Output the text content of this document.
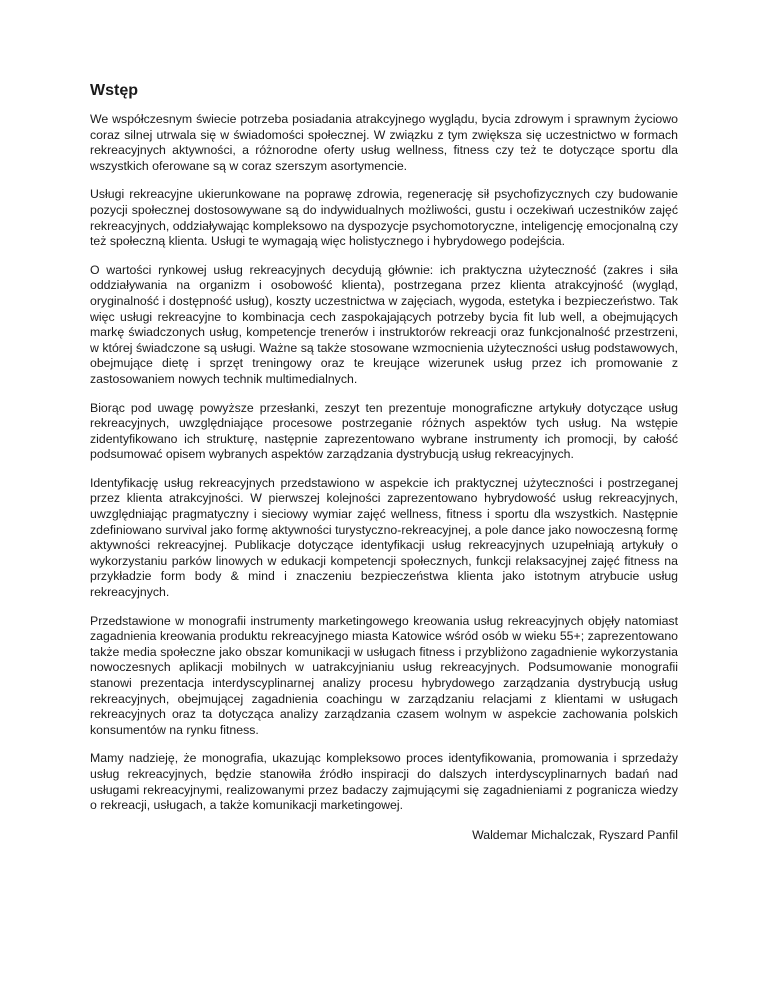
Wstęp

We współczesnym świecie potrzeba posiadania atrakcyjnego wyglądu, bycia zdrowym i sprawnym życiowo coraz silnej utrwala się w świadomości społecznej. W związku z tym zwiększa się uczestnictwo w formach rekreacyjnych aktywności, a różnorodne oferty usług wellness, fitness czy też te dotyczące sportu dla wszystkich oferowane są w coraz szerszym asortymencie.

Usługi rekreacyjne ukierunkowane na poprawę zdrowia, regenerację sił psychofizycznych czy budowanie pozycji społecznej dostosowywane są do indywidualnych możliwości, gustu i oczekiwań uczestników zajęć rekreacyjnych, oddziaływając kompleksowo na dyspozycje psychomotoryczne, inteligencję emocjonalną czy też społeczną klienta. Usługi te wymagają więc holistycznego i hybrydowego podejścia.

O wartości rynkowej usług rekreacyjnych decydują głównie: ich praktyczna użyteczność (zakres i siła oddziaływania na organizm i osobowość klienta), postrzegana przez klienta atrakcyjność (wygląd, oryginalność i dostępność usług), koszty uczestnictwa w zajęciach, wygoda, estetyka i bezpieczeństwo. Tak więc usługi rekreacyjne to kombinacja cech zaspokajających potrzeby bycia fit lub well, a obejmujących markę świadczonych usług, kompetencje trenerów i instruktorów rekreacji oraz funkcjonalność przestrzeni, w której świadczone są usługi. Ważne są także stosowane wzmocnienia użyteczności usług podstawowych, obejmujące dietę i sprzęt treningowy oraz te kreujące wizerunek usług przez ich promowanie z zastosowaniem nowych technik multimedialnych.

Biorąc pod uwagę powyższe przesłanki, zeszyt ten prezentuje monograficzne artykuły dotyczące usług rekreacyjnych, uwzględniające procesowe postrzeganie różnych aspektów tych usług. Na wstępie zidentyfikowano ich strukturę, następnie zaprezentowano wybrane instrumenty ich promocji, by całość podsumować opisem wybranych aspektów zarządzania dystrybucją usług rekreacyjnych.

Identyfikację usług rekreacyjnych przedstawiono w aspekcie ich praktycznej użyteczności i postrzeganej przez klienta atrakcyjności. W pierwszej kolejności zaprezentowano hybrydowość usług rekreacyjnych, uwzględniając pragmatyczny i sieciowy wymiar zajęć wellness, fitness i sportu dla wszystkich. Następnie zdefiniowano survival jako formę aktywności turystyczno-rekreacyjnej, a pole dance jako nowoczesną formę aktywności rekreacyjnej. Publikacje dotyczące identyfikacji usług rekreacyjnych uzupełniają artykuły o wykorzystaniu parków linowych w edukacji kompetencji społecznych, funkcji relaksacyjnej zajęć fitness na przykładzie form body & mind i znaczeniu bezpieczeństwa klienta jako istotnym atrybucie usług rekreacyjnych.

Przedstawione w monografii instrumenty marketingowego kreowania usług rekreacyjnych objęły natomiast zagadnienia kreowania produktu rekreacyjnego miasta Katowice wśród osób w wieku 55+; zaprezentowano także media społeczne jako obszar komunikacji w usługach fitness i przybliżono zagadnienie wykorzystania nowoczesnych aplikacji mobilnych w uatrakcyjnianiu usług rekreacyjnych. Podsumowanie monografii stanowi prezentacja interdyscyplinarnej analizy procesu hybrydowego zarządzania dystrybucją usług rekreacyjnych, obejmującej zagadnienia coachingu w zarządzaniu relacjami z klientami w usługach rekreacyjnych oraz ta dotycząca analizy zarządzania czasem wolnym w aspekcie zachowania polskich konsumentów na rynku fitness.

Mamy nadzieję, że monografia, ukazując kompleksowo proces identyfikowania, promowania i sprzedaży usług rekreacyjnych, będzie stanowiła źródło inspiracji do dalszych interdyscyplinarnych badań nad usługami rekreacyjnymi, realizowanymi przez badaczy zajmującymi się zagadnieniami z pogranicza wiedzy o rekreacji, usługach, a także komunikacji marketingowej.

Waldemar Michalczak, Ryszard Panfil
